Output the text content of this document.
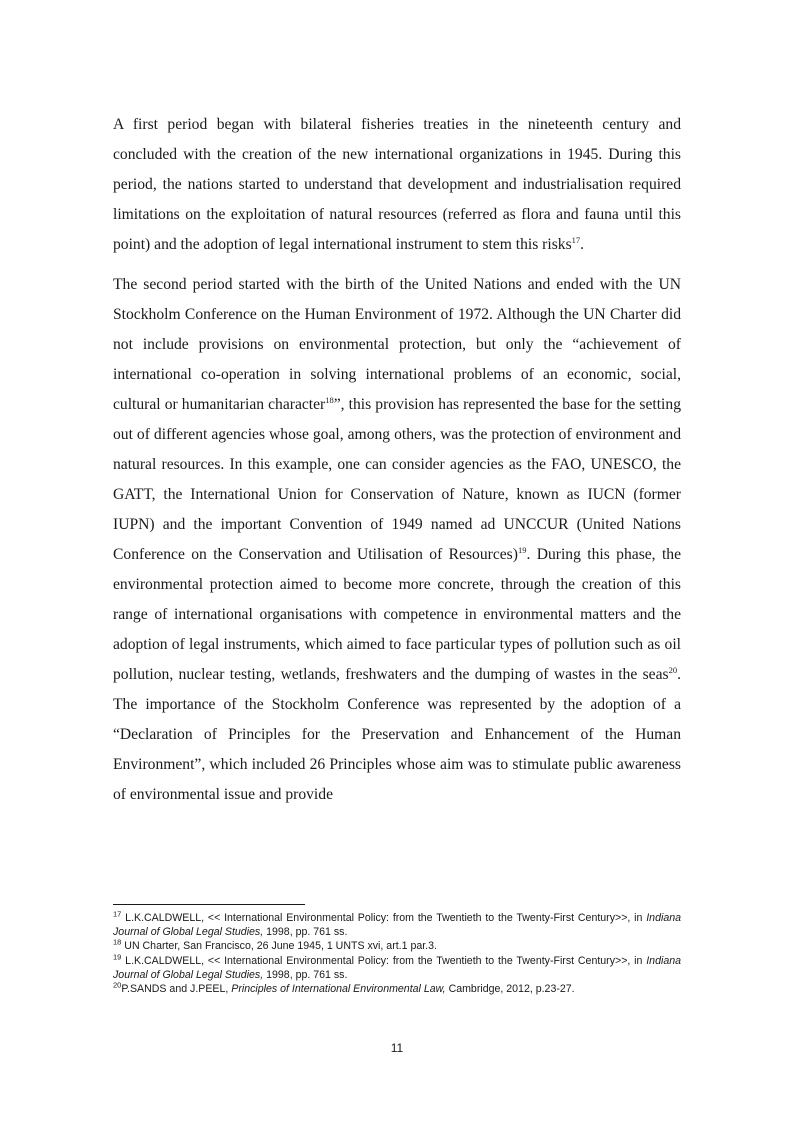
A first period began with bilateral fisheries treaties in the nineteenth century and concluded with the creation of the new international organizations in 1945. During this period, the nations started to understand that development and industrialisation required limitations on the exploitation of natural resources (referred as flora and fauna until this point) and the adoption of legal international instrument to stem this risks$^{17}$.

The second period started with the birth of the United Nations and ended with the UN Stockholm Conference on the Human Environment of 1972. Although the UN Charter did not include provisions on environmental protection, but only the “achievement of international co-operation in solving international problems of an economic, social, cultural or humanitarian character$^{18}$”, this provision has represented the base for the setting out of different agencies whose goal, among others, was the protection of environment and natural resources. In this example, one can consider agencies as the FAO, UNESCO, the GATT, the International Union for Conservation of Nature, known as IUCN (former IUPN) and the important Convention of 1949 named ad UNCCUR (United Nations Conference on the Conservation and Utilisation of Resources)$^{19}$. During this phase, the environmental protection aimed to become more concrete, through the creation of this range of international organisations with competence in environmental matters and the adoption of legal instruments, which aimed to face particular types of pollution such as oil pollution, nuclear testing, wetlands, freshwaters and the dumping of wastes in the seas$^{20}$. The importance of the Stockholm Conference was represented by the adoption of a “Declaration of Principles for the Preservation and Enhancement of the Human Environment”, which included 26 Principles whose aim was to stimulate public awareness of environmental issue and provide

$^{17}$ L.K.CALDWELL, << International Environmental Policy: from the Twentieth to the Twenty-First Century>>, in Indiana Journal of Global Legal Studies, 1998, pp. 761 ss.

$^{18}$ UN Charter, San Francisco, 26 June 1945, 1 UNTS xvi, art.1 par.3.

$^{19}$ L.K.CALDWELL, << International Environmental Policy: from the Twentieth to the Twenty-First Century>>, in Indiana Journal of Global Legal Studies, 1998, pp. 761 ss.

$^{20}$P.SANDS and J.PEEL, Principles of International Environmental Law, Cambridge, 2012, p.23-27.

11
